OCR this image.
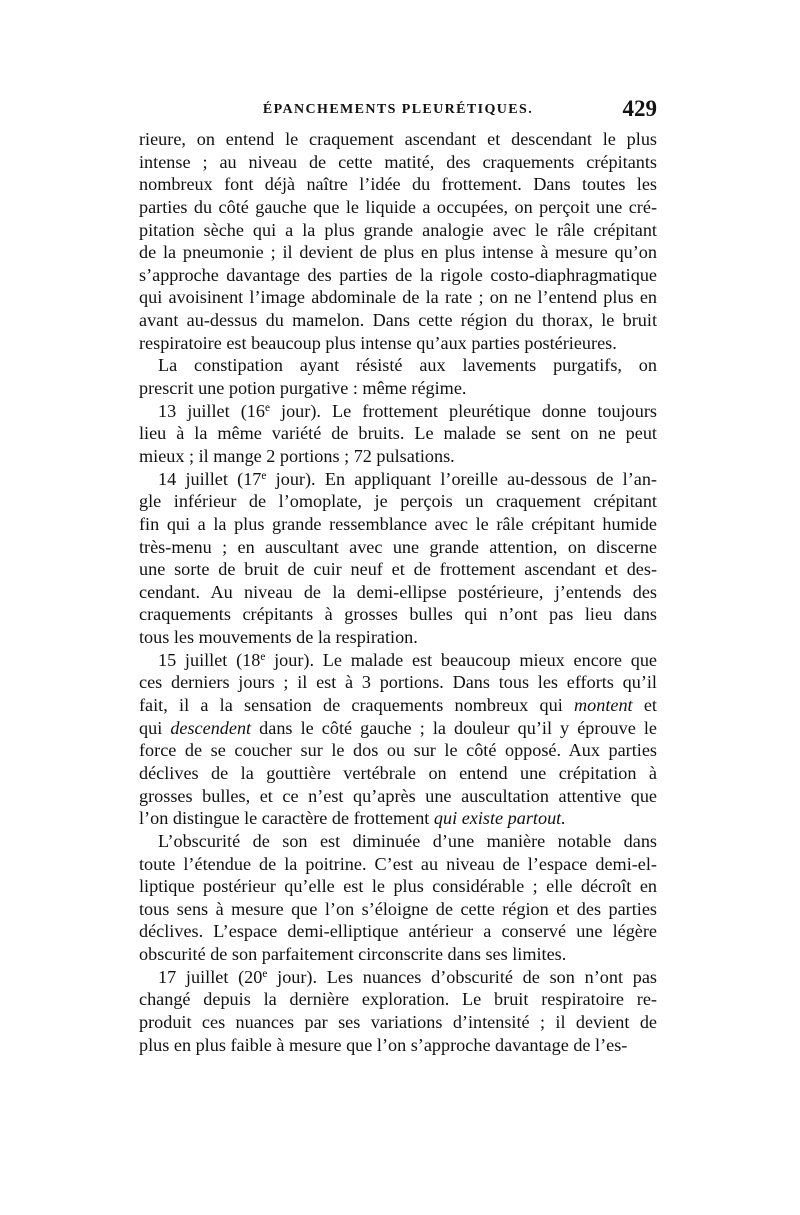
ÉPANCHEMENTS PLEURÉTIQUES.	429
rieure, on entend le craquement ascendant et descendant le plus
intense ; au niveau de cette matité, des craquements crépitants
nombreux font déjà naître l’idée du frottement. Dans toutes les
parties du côté gauche que le liquide a occupées, on perçoit une cré-
pitation sèche qui a la plus grande analogie avec le râle crépitant
de la pneumonie ; il devient de plus en plus intense à mesure qu’on
s’approche davantage des parties de la rigole costo-diaphragmatique
qui avoisinent l’image abdominale de la rate ; on ne l’entend plus en
avant au-dessus du mamelon. Dans cette région du thorax, le bruit
respiratoire est beaucoup plus intense qu’aux parties postérieures.
La constipation ayant résisté aux lavements purgatifs, on
prescrit une potion purgative : même régime.
13 juillet (16e jour). Le frottement pleurétique donne toujours
lieu à la même variété de bruits. Le malade se sent on ne peut
mieux ; il mange 2 portions ; 72 pulsations.
14 juillet (17e jour). En appliquant l’oreille au-dessous de l’an-
gle inférieur de l’omoplate, je perçois un craquement crépitant
fin qui a la plus grande ressemblance avec le râle crépitant humide
très-menu ; en auscultant avec une grande attention, on discerne
une sorte de bruit de cuir neuf et de frottement ascendant et des-
cendant. Au niveau de la demi-ellipse postérieure, j’entends des
craquements crépitants à grosses bulles qui n’ont pas lieu dans
tous les mouvements de la respiration.
15 juillet (18e jour). Le malade est beaucoup mieux encore que
ces derniers jours ; il est à 3 portions. Dans tous les efforts qu’il
fait, il a la sensation de craquements nombreux qui montent et
qui descendent dans le côté gauche ; la douleur qu’il y éprouve le
force de se coucher sur le dos ou sur le côté opposé. Aux parties
déclives de la gouttière vertébrale on entend une crépitation à
grosses bulles, et ce n’est qu’après une auscultation attentive que
l’on distingue le caractère de frottement qui existe partout.
L’obscurité de son est diminuée d’une manière notable dans
toute l’étendue de la poitrine. C’est au niveau de l’espace demi-el-
liptique postérieur qu’elle est le plus considérable ; elle décroît en
tous sens à mesure que l’on s’éloigne de cette région et des parties
déclives. L’espace demi-elliptique antérieur a conservé une légère
obscurité de son parfaitement circonscrite dans ses limites.
17 juillet (20e jour). Les nuances d’obscurité de son n’ont pas
changé depuis la dernière exploration. Le bruit respiratoire re-
produit ces nuances par ses variations d’intensité ; il devient de
plus en plus faible à mesure que l’on s’approche davantage de l’es-
